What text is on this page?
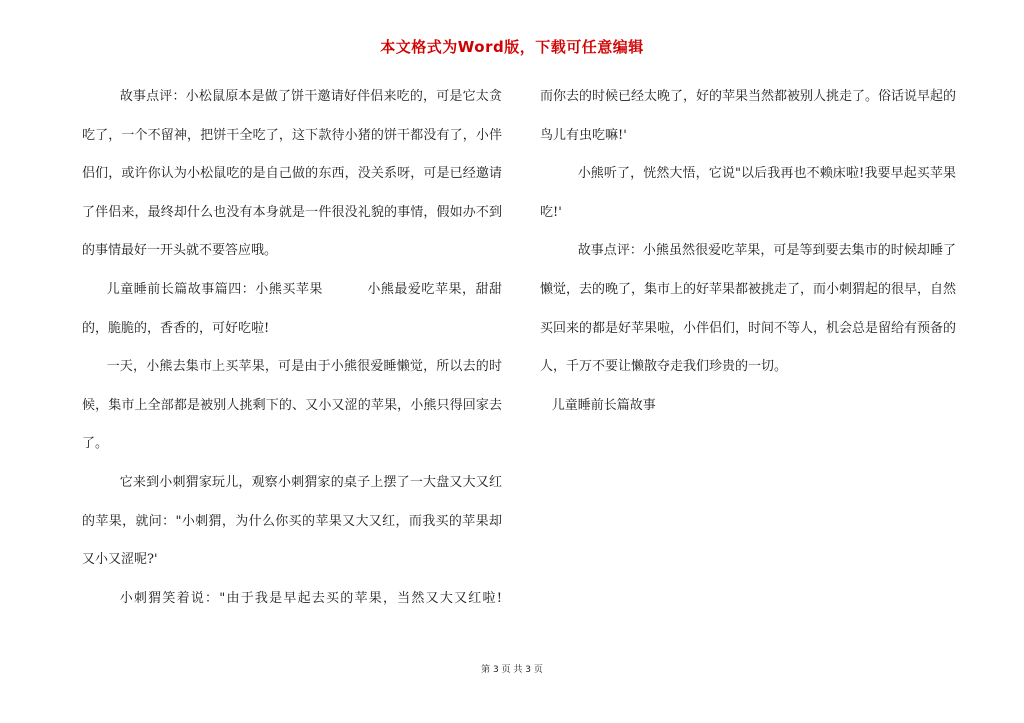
本文格式为Word版，下载可任意编辑

故事点评：小松鼠原本是做了饼干邀请好伴侣来吃的，可是它太贪吃了，一个不留神，把饼干全吃了，这下款待小猪的饼干都没有了，小伴侣们，或许你认为小松鼠吃的是自己做的东西，没关系呀，可是已经邀请了伴侣来，最终却什么也没有本身就是一件很没礼貌的事情，假如办不到的事情最好一开头就不要答应哦。

儿童睡前长篇故事篇四：小熊买苹果	小熊最爱吃苹果，甜甜的，脆脆的，香香的，可好吃啦!

一天，小熊去集市上买苹果，可是由于小熊很爱睡懒觉，所以去的时候，集市上全部都是被别人挑剩下的、又小又涩的苹果，小熊只得回家去了。

它来到小刺猬家玩儿，观察小刺猬家的桌子上摆了一大盘又大又红的苹果，就问："小刺猬，为什么你买的苹果又大又红，而我买的苹果却又小又涩呢?'

小刺猬笑着说："由于我是早起去买的苹果，当然又大又红啦!

而你去的时候已经太晚了，好的苹果当然都被别人挑走了。俗话说早起的鸟儿有虫吃嘛!'

小熊听了，恍然大悟，它说"以后我再也不赖床啦!我要早起买苹果吃!'

故事点评：小熊虽然很爱吃苹果，可是等到要去集市的时候却睡了懒觉，去的晚了，集市上的好苹果都被挑走了，而小刺猬起的很早，自然买回来的都是好苹果啦，小伴侣们，时间不等人，机会总是留给有预备的人，千万不要让懒散夺走我们珍贵的一切。

儿童睡前长篇故事

第 3 页 共 3 页
